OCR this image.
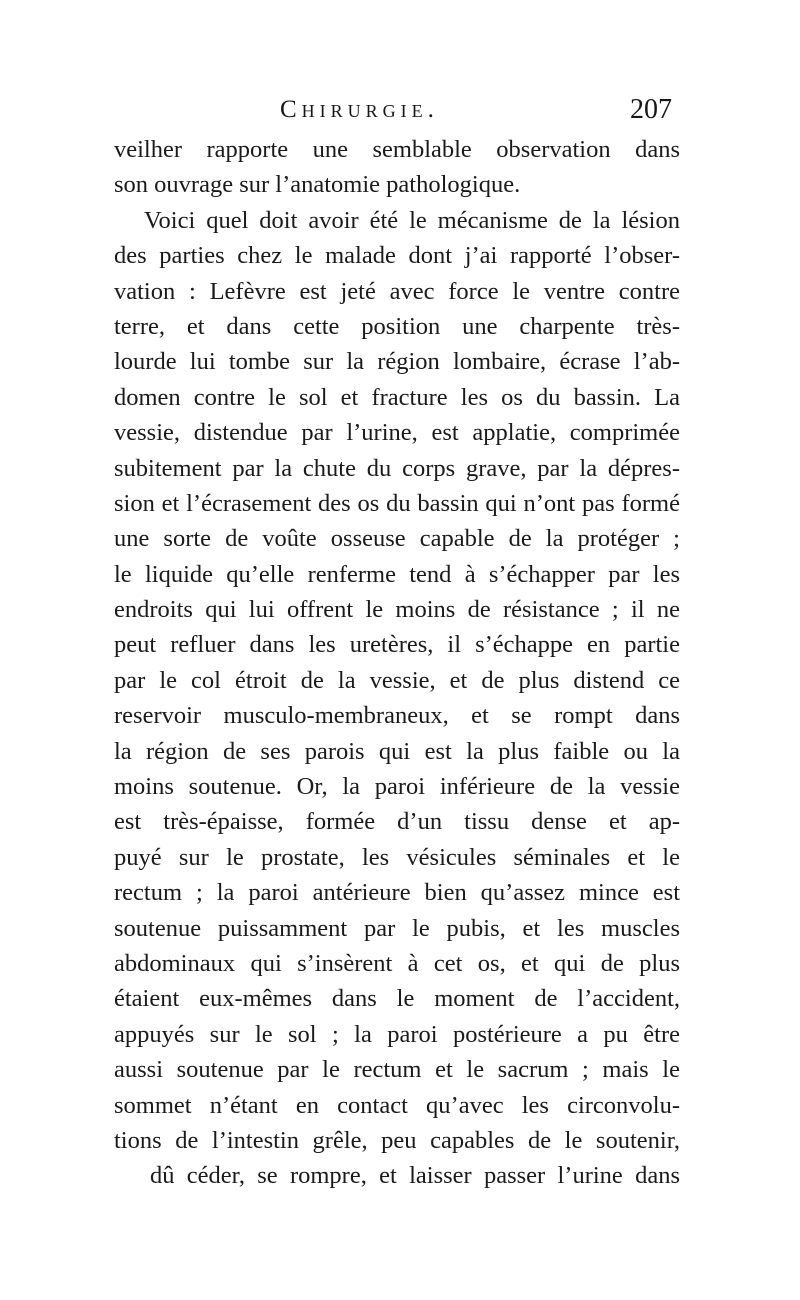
Chirurgie.	207
veilher rapporte une semblable observation dans
son ouvrage sur l’anatomie pathologique.
Voici quel doit avoir été le mécanisme de la lésion
des parties chez le malade dont j’ai rapporté l’obser-
vation : Lefèvre est jeté avec force le ventre contre
terre, et dans cette position une charpente très-
lourde lui tombe sur la région lombaire, écrase l’ab-
domen contre le sol et fracture les os du bassin. La
vessie, distendue par l’urine, est applatie, comprimée
subitement par la chute du corps grave, par la dépres-
sion et l’écrasement des os du bassin qui n’ont pas formé
une sorte de voûte osseuse capable de la protéger ;
le liquide qu’elle renferme tend à s’échapper par les
endroits qui lui offrent le moins de résistance ; il ne
peut refluer dans les uretères, il s’échappe en partie
par le col étroit de la vessie, et de plus distend ce
reservoir musculo-membraneux, et se rompt dans
la région de ses parois qui est la plus faible ou la
moins soutenue. Or, la paroi inférieure de la vessie
est très-épaisse, formée d’un tissu dense et ap-
puyé sur le prostate, les vésicules séminales et le
rectum ; la paroi antérieure bien qu’assez mince est
soutenue puissamment par le pubis, et les muscles
abdominaux qui s’insèrent à cet os, et qui de plus
étaient eux-mêmes dans le moment de l’accident,
appuyés sur le sol ; la paroi postérieure a pu être
aussi soutenue par le rectum et le sacrum ; mais le
sommet n’étant en contact qu’avec les circonvolu-
tions de l’intestin grêle, peu capables de le soutenir,
dû céder, se rompre, et laisser passer l’urine dans
